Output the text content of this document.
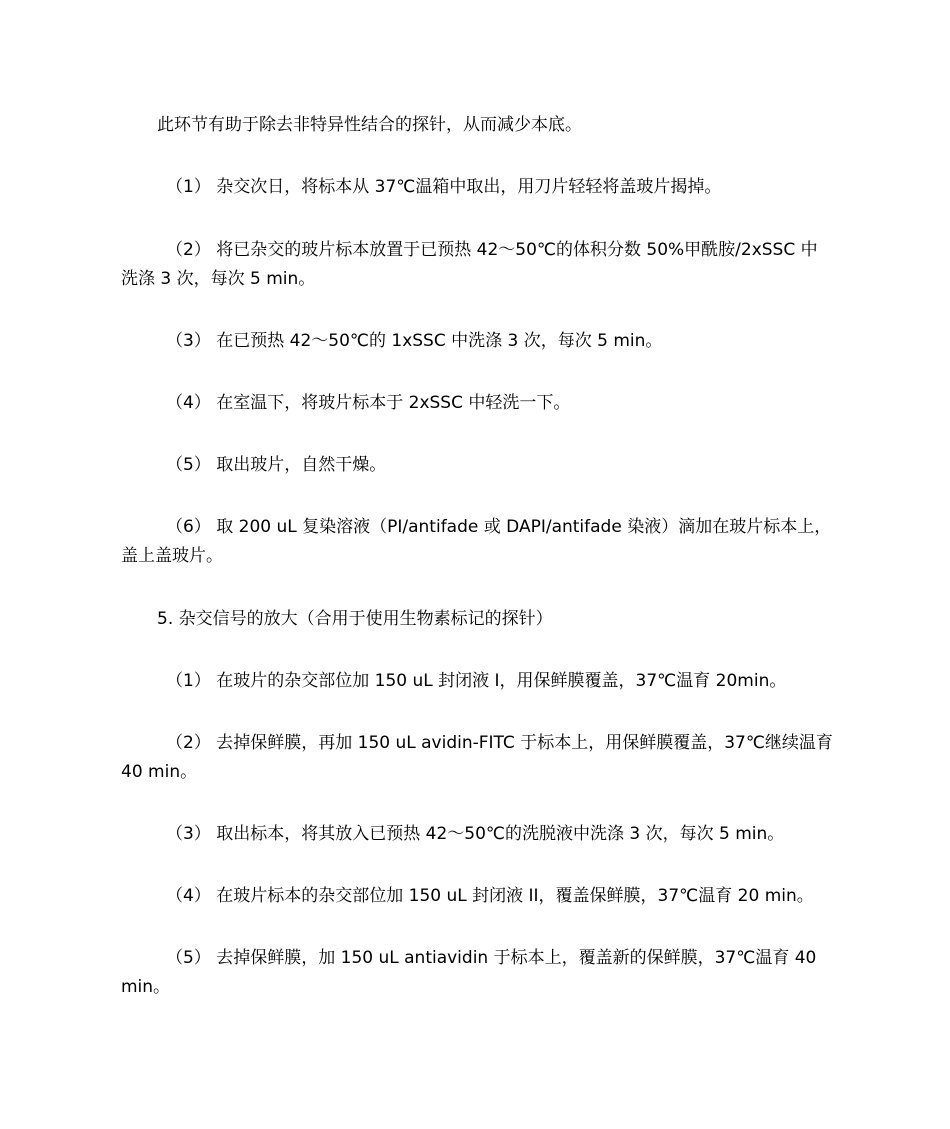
此环节有助于除去非特异性结合的探针，从而减少本底。

（1） 杂交次日，将标本从 37℃温箱中取出，用刀片轻轻将盖玻片揭掉。

（2） 将已杂交的玻片标本放置于已预热 42～50℃的体积分数 50%甲酰胺/2xSSC 中洗涤 3 次，每次 5 min。

（3） 在已预热 42～50℃的 1xSSC 中洗涤 3 次，每次 5 min。

（4） 在室温下，将玻片标本于 2xSSC 中轻洗一下。

（5） 取出玻片，自然干燥。

（6） 取 200 uL 复染溶液（PI/antifade 或 DAPI/antifade 染液）滴加在玻片标本上，盖上盖玻片。

5. 杂交信号的放大（合用于使用生物素标记的探针）

（1） 在玻片的杂交部位加 150 uL 封闭液 I，用保鲜膜覆盖，37℃温育 20min。

（2） 去掉保鲜膜，再加 150 uL avidin-FITC 于标本上，用保鲜膜覆盖，37℃继续温育 40 min。

（3） 取出标本，将其放入已预热 42～50℃的洗脱液中洗涤 3 次，每次 5 min。

（4） 在玻片标本的杂交部位加 150 uL 封闭液 II，覆盖保鲜膜，37℃温育 20 min。

（5） 去掉保鲜膜，加 150 uL antiavidin 于标本上，覆盖新的保鲜膜，37℃温育 40 min。
